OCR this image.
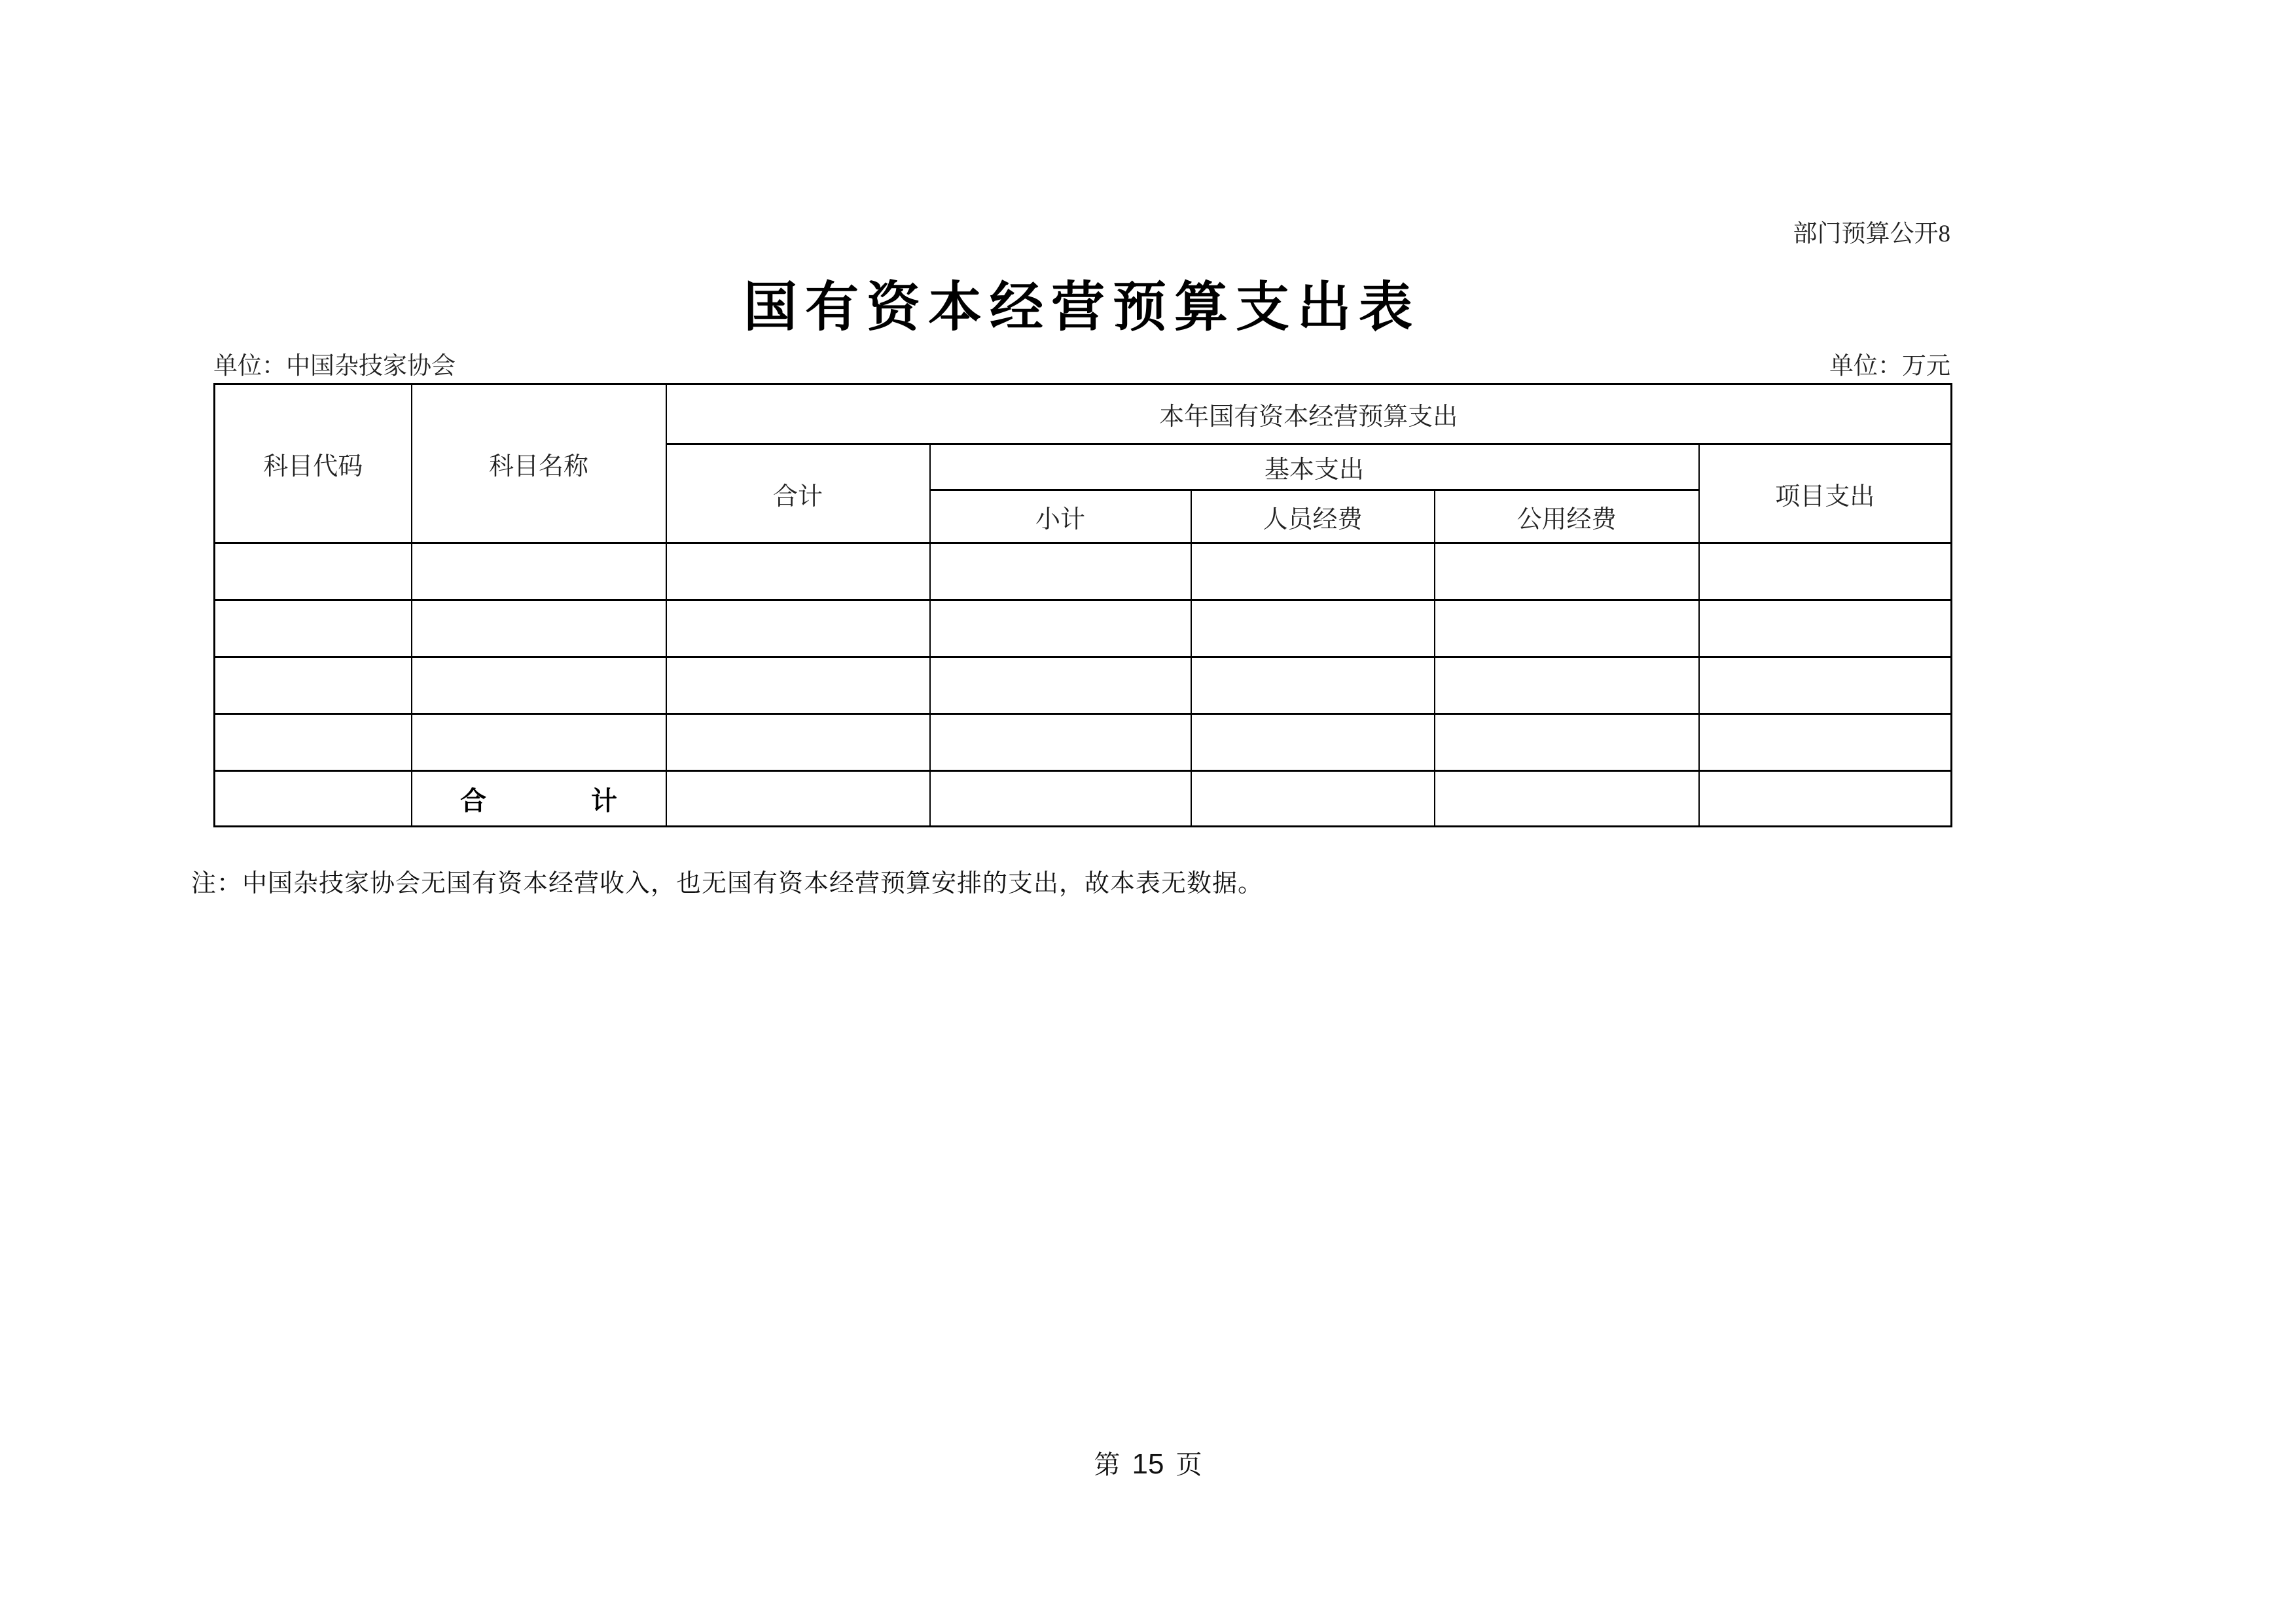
部门预算公开8
国有资本经营预算支出表
单位：中国杂技家协会	单位：万元
科目代码	科目名称	本年国有资本经营预算支出				
		合计	基本支出			项目支出
			小计	人员经费	公用经费	

	合　　　　计					
注：中国杂技家协会无国有资本经营收入，也无国有资本经营预算安排的支出，故本表无数据。
第 15 页
